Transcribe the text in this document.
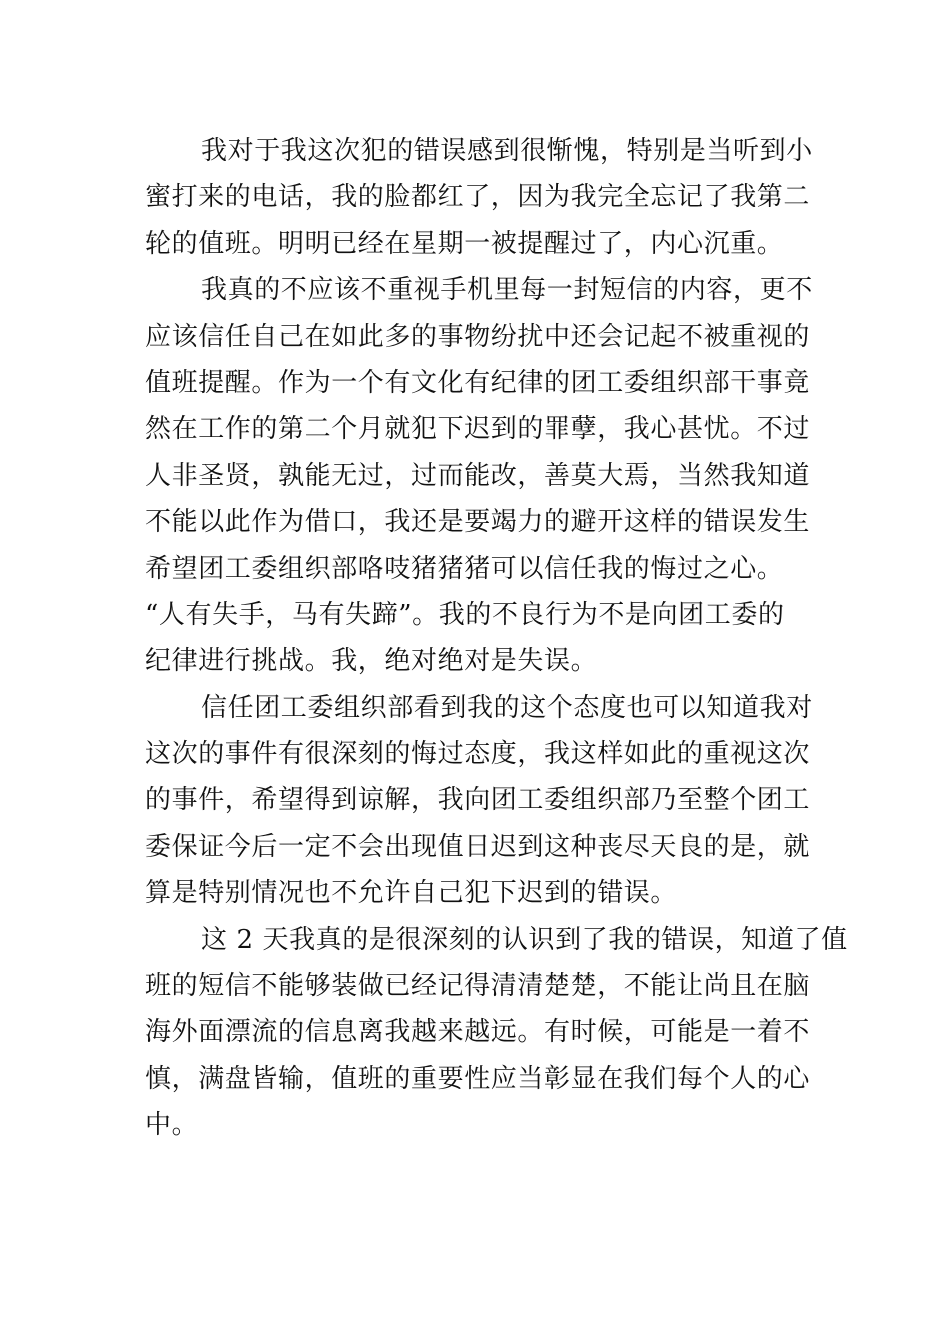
我对于我这次犯的错误感到很惭愧，特别是当听到小
蜜打来的电话，我的脸都红了，因为我完全忘记了我第二
轮的值班。明明已经在星期一被提醒过了，内心沉重。
我真的不应该不重视手机里每一封短信的内容，更不
应该信任自己在如此多的事物纷扰中还会记起不被重视的
值班提醒。作为一个有文化有纪律的团工委组织部干事竟
然在工作的第二个月就犯下迟到的罪孽，我心甚忧。不过
人非圣贤，孰能无过，过而能改，善莫大焉，当然我知道
不能以此作为借口，我还是要竭力的避开这样的错误发生
希望团工委组织部咯吱猪猪猪可以信任我的悔过之心。
“人有失手，马有失蹄”。我的不良行为不是向团工委的
纪律进行挑战。我，绝对绝对是失误。
信任团工委组织部看到我的这个态度也可以知道我对
这次的事件有很深刻的悔过态度，我这样如此的重视这次
的事件，希望得到谅解，我向团工委组织部乃至整个团工
委保证今后一定不会出现值日迟到这种丧尽天良的是，就
算是特别情况也不允许自己犯下迟到的错误。
这 2 天我真的是很深刻的认识到了我的错误，知道了值
班的短信不能够装做已经记得清清楚楚，不能让尚且在脑
海外面漂流的信息离我越来越远。有时候，可能是一着不
慎，满盘皆输，值班的重要性应当彰显在我们每个人的心
中。
